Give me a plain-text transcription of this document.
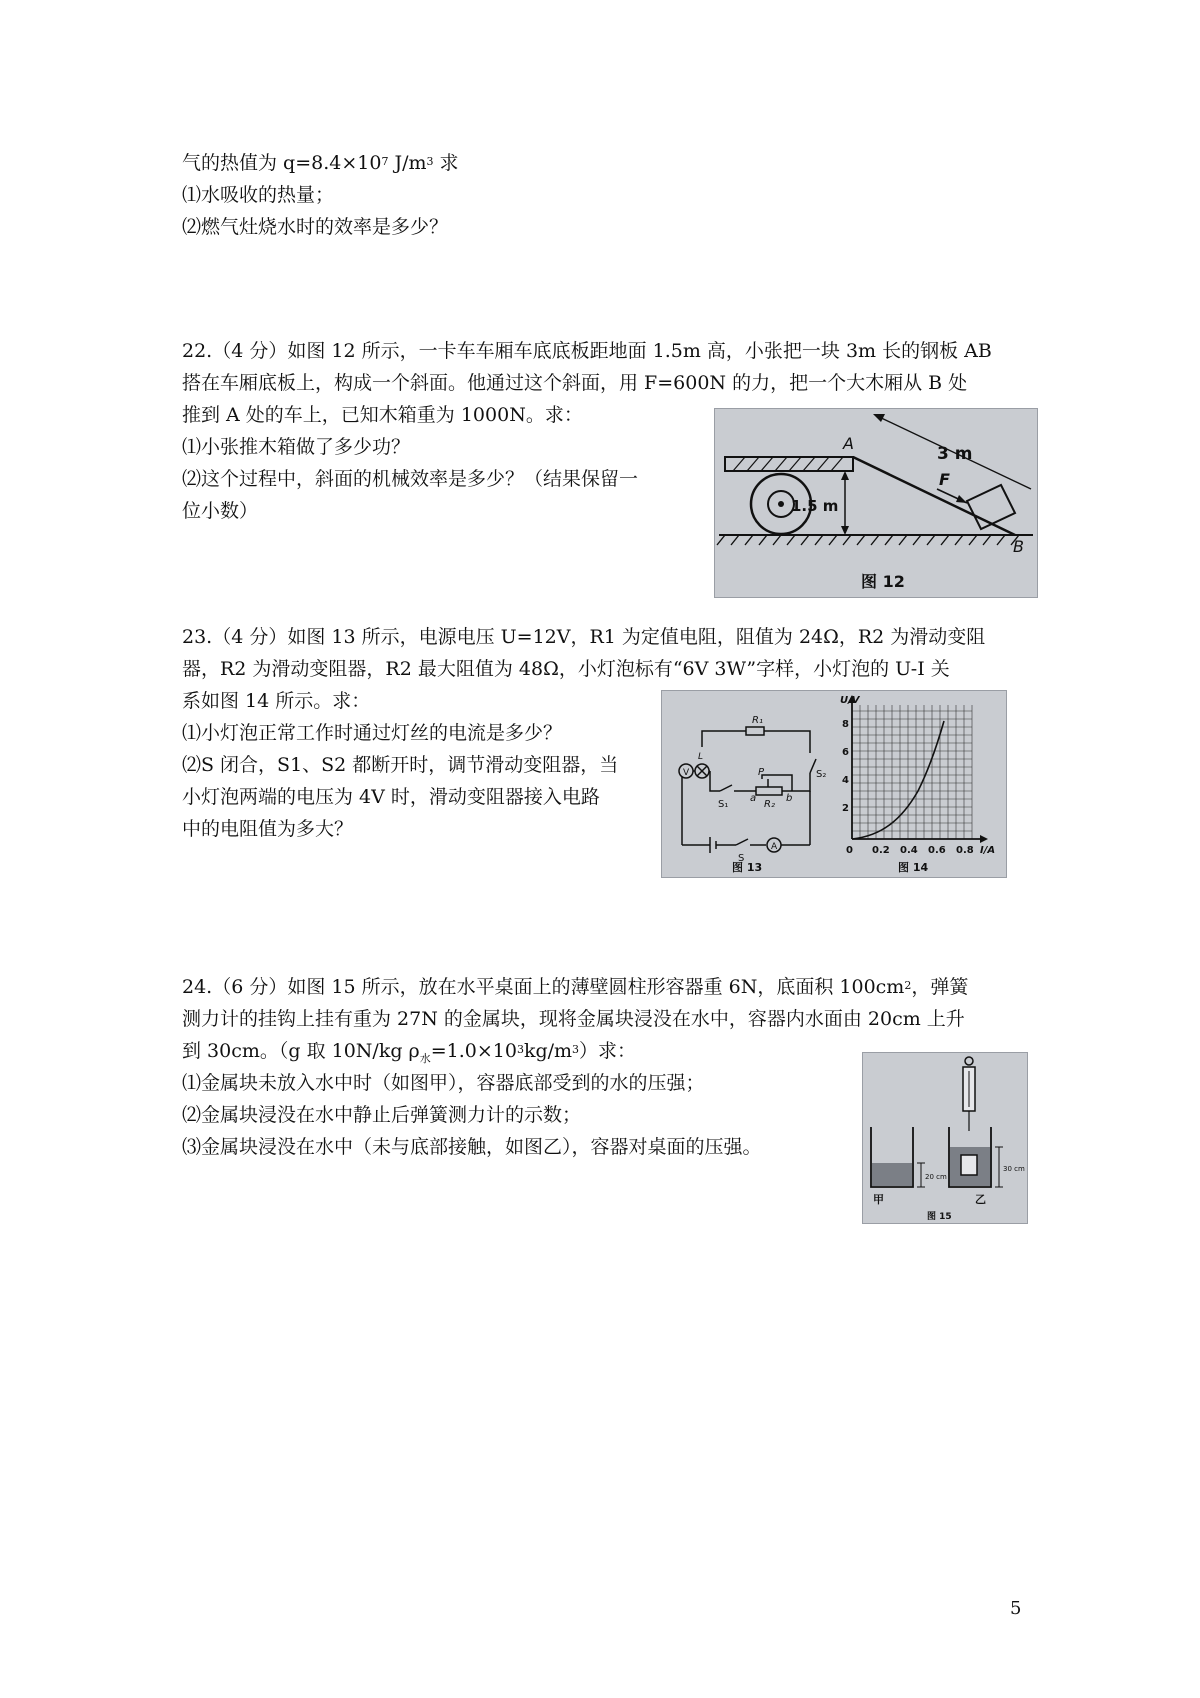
气的热值为 $q=8.4\times 10^7$ $J/m^3$ 求
⑴水吸收的热量；
⑵燃气灶烧水时的效率是多少？
22.（4 分）如图 12 所示，一卡车车厢车底底板距地面 1.5m 高，小张把一块 3m 长的钢板 AB
搭在车厢底板上，构成一个斜面。他通过这个斜面，用 F=600N 的力，把一个大木厢从 B 处
推到 A 处的车上，已知木箱重为 1000N。求：
⑴小张推木箱做了多少功？
⑵这个过程中，斜面的机械效率是多少？（结果保留一
位小数）
A
B
F
1.5 m
3 m
图 12
23.（4 分）如图 13 所示，电源电压 U=12V，R1 为定值电阻，阻值为 24Ω，R2 为滑动变阻
器，R2 为滑动变阻器，R2 最大阻值为 48Ω，小灯泡标有“6V 3W”字样，小灯泡的 U-I 关
系如图 14 所示。求：
⑴小灯泡正常工作时通过灯丝的电流是多少？
⑵S 闭合，S1、S2 都断开时，调节滑动变阻器，当
小灯泡两端的电压为 4V 时，滑动变阻器接入电路
中的电阻值为多大？
R₁
R₂
P
a	b
S
S₁
S₂
V
A
L
图 13
U/V
I/A
2
4
6
8
0 0.2 0.4 0.6 0.8
图 14
24.（6 分）如图 15 所示，放在水平桌面上的薄壁圆柱形容器重 6N，底面积 $100cm^2$，弹簧
测力计的挂钩上挂有重为 27N 的金属块，现将金属块浸没在水中，容器内水面由 20cm 上升
到 30cm。（g 取 10N/kg $\rho_水=1.0\times 10^3kg/m^3$）求：
⑴金属块未放入水中时（如图甲），容器底部受到的水的压强；
⑵金属块浸没在水中静止后弹簧测力计的示数；
⑶金属块浸没在水中（未与底部接触，如图乙），容器对桌面的压强。
20 cm
30 cm
甲	乙
图 15
5
